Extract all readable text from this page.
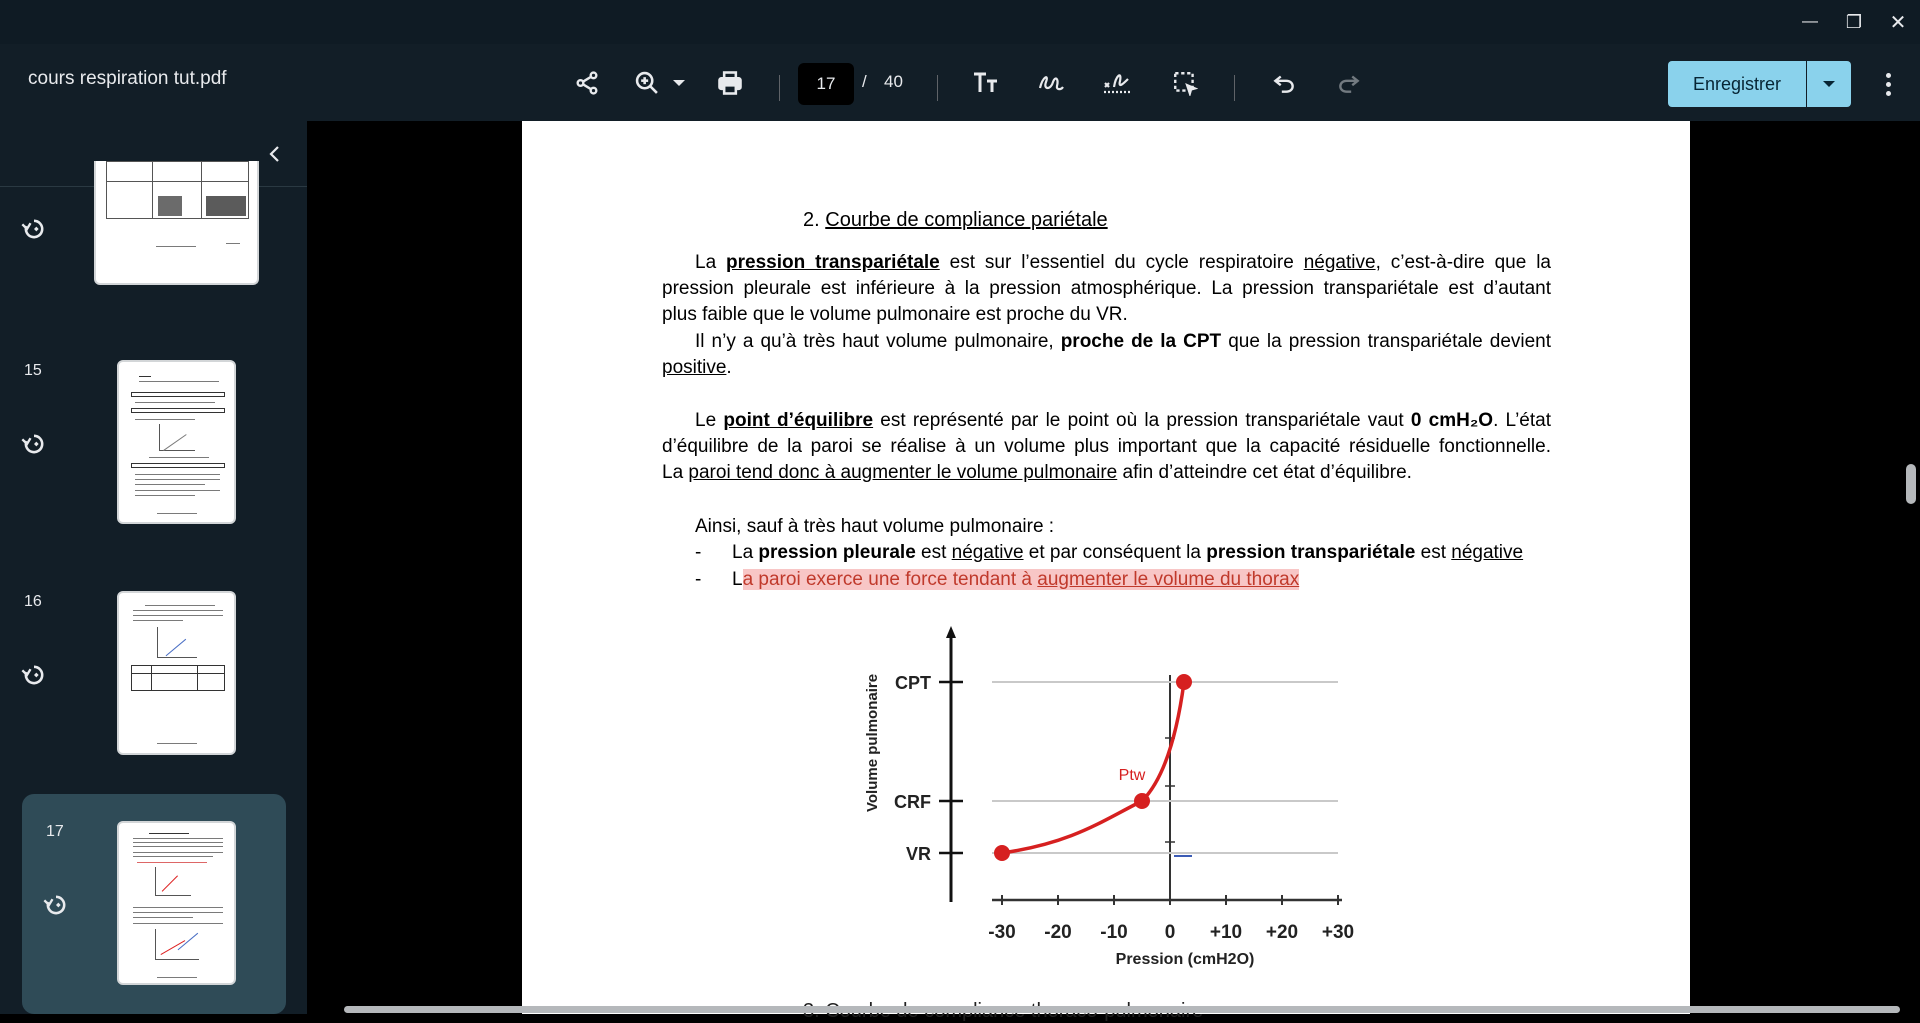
— ❐ ✕
cours respiration tut.pdf	17	/ 40	Enregistrer
15
16
17
2. Courbe de compliance pariétale
La pression transpariétale est sur l’essentiel du cycle respiratoire négative, c’est-à-dire que la
pression pleurale est inférieure à la pression atmosphérique. La pression transpariétale est d’autant
plus faible que le volume pulmonaire est proche du VR.
Il n’y a qu’à très haut volume pulmonaire, proche de la CPT que la pression transpariétale devient
positive.
Le point d’équilibre est représenté par le point où la pression transpariétale vaut 0 cmH₂O. L’état
d’équilibre de la paroi se réalise à un volume plus important que la capacité résiduelle fonctionnelle.
La paroi tend donc à augmenter le volume pulmonaire afin d’atteindre cet état d’équilibre.
Ainsi, sauf à très haut volume pulmonaire :
- La pression pleurale est négative et par conséquent la pression transpariétale est négative
- La paroi exerce une force tendant à augmenter le volume du thorax
Volume pulmonaire
Pression (cmH2O)
VR
CRF
CPT
-30 -20 -10 0 +10 +20 +30
Ptw
